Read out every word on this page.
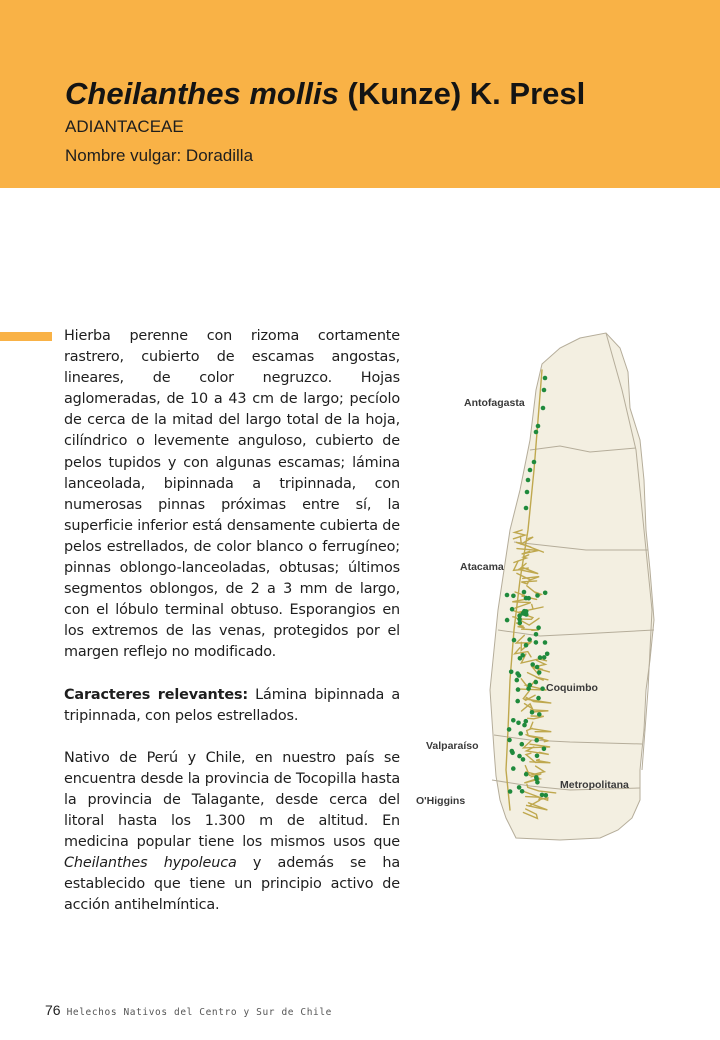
Cheilanthes mollis (Kunze) K. Presl
ADIANTACEAE
Nombre vulgar: Doradilla

Hierba perenne con rizoma cortamente rastrero, cubierto de escamas angostas, lineares, de color negruzco. Hojas aglomeradas, de 10 a 43 cm de largo; pecíolo de cerca de la mitad del largo total de la hoja, cilíndrico o levemente anguloso, cubierto de pelos tupidos y con algunas escamas; lámina lanceolada, bipinnada a tripinnada, con numerosas pinnas próximas entre sí, la superficie inferior está densamente cubierta de pelos estrellados, de color blanco o ferrugíneo; pinnas oblongo-lanceoladas, obtusas; últimos segmentos oblongos, de 2 a 3 mm de largo, con el lóbulo terminal obtuso. Esporangios en los extremos de las venas, protegidos por el margen reflejo no modificado.

Caracteres relevantes: Lámina bipinnada a tripinnada, con pelos estrellados.

Nativo de Perú y Chile, en nuestro país se encuentra desde la provincia de Tocopilla hasta la provincia de Talagante, desde cerca del litoral hasta los 1.300 m de altitud. En medicina popular tiene los mismos usos que Cheilanthes hypoleuca y además se ha establecido que tiene un principio activo de acción antihelmíntica.

Antofagasta
Atacama
Coquimbo
Valparaíso
Metropolitana
O'Higgins
76 Helechos Nativos del Centro y Sur de Chile
